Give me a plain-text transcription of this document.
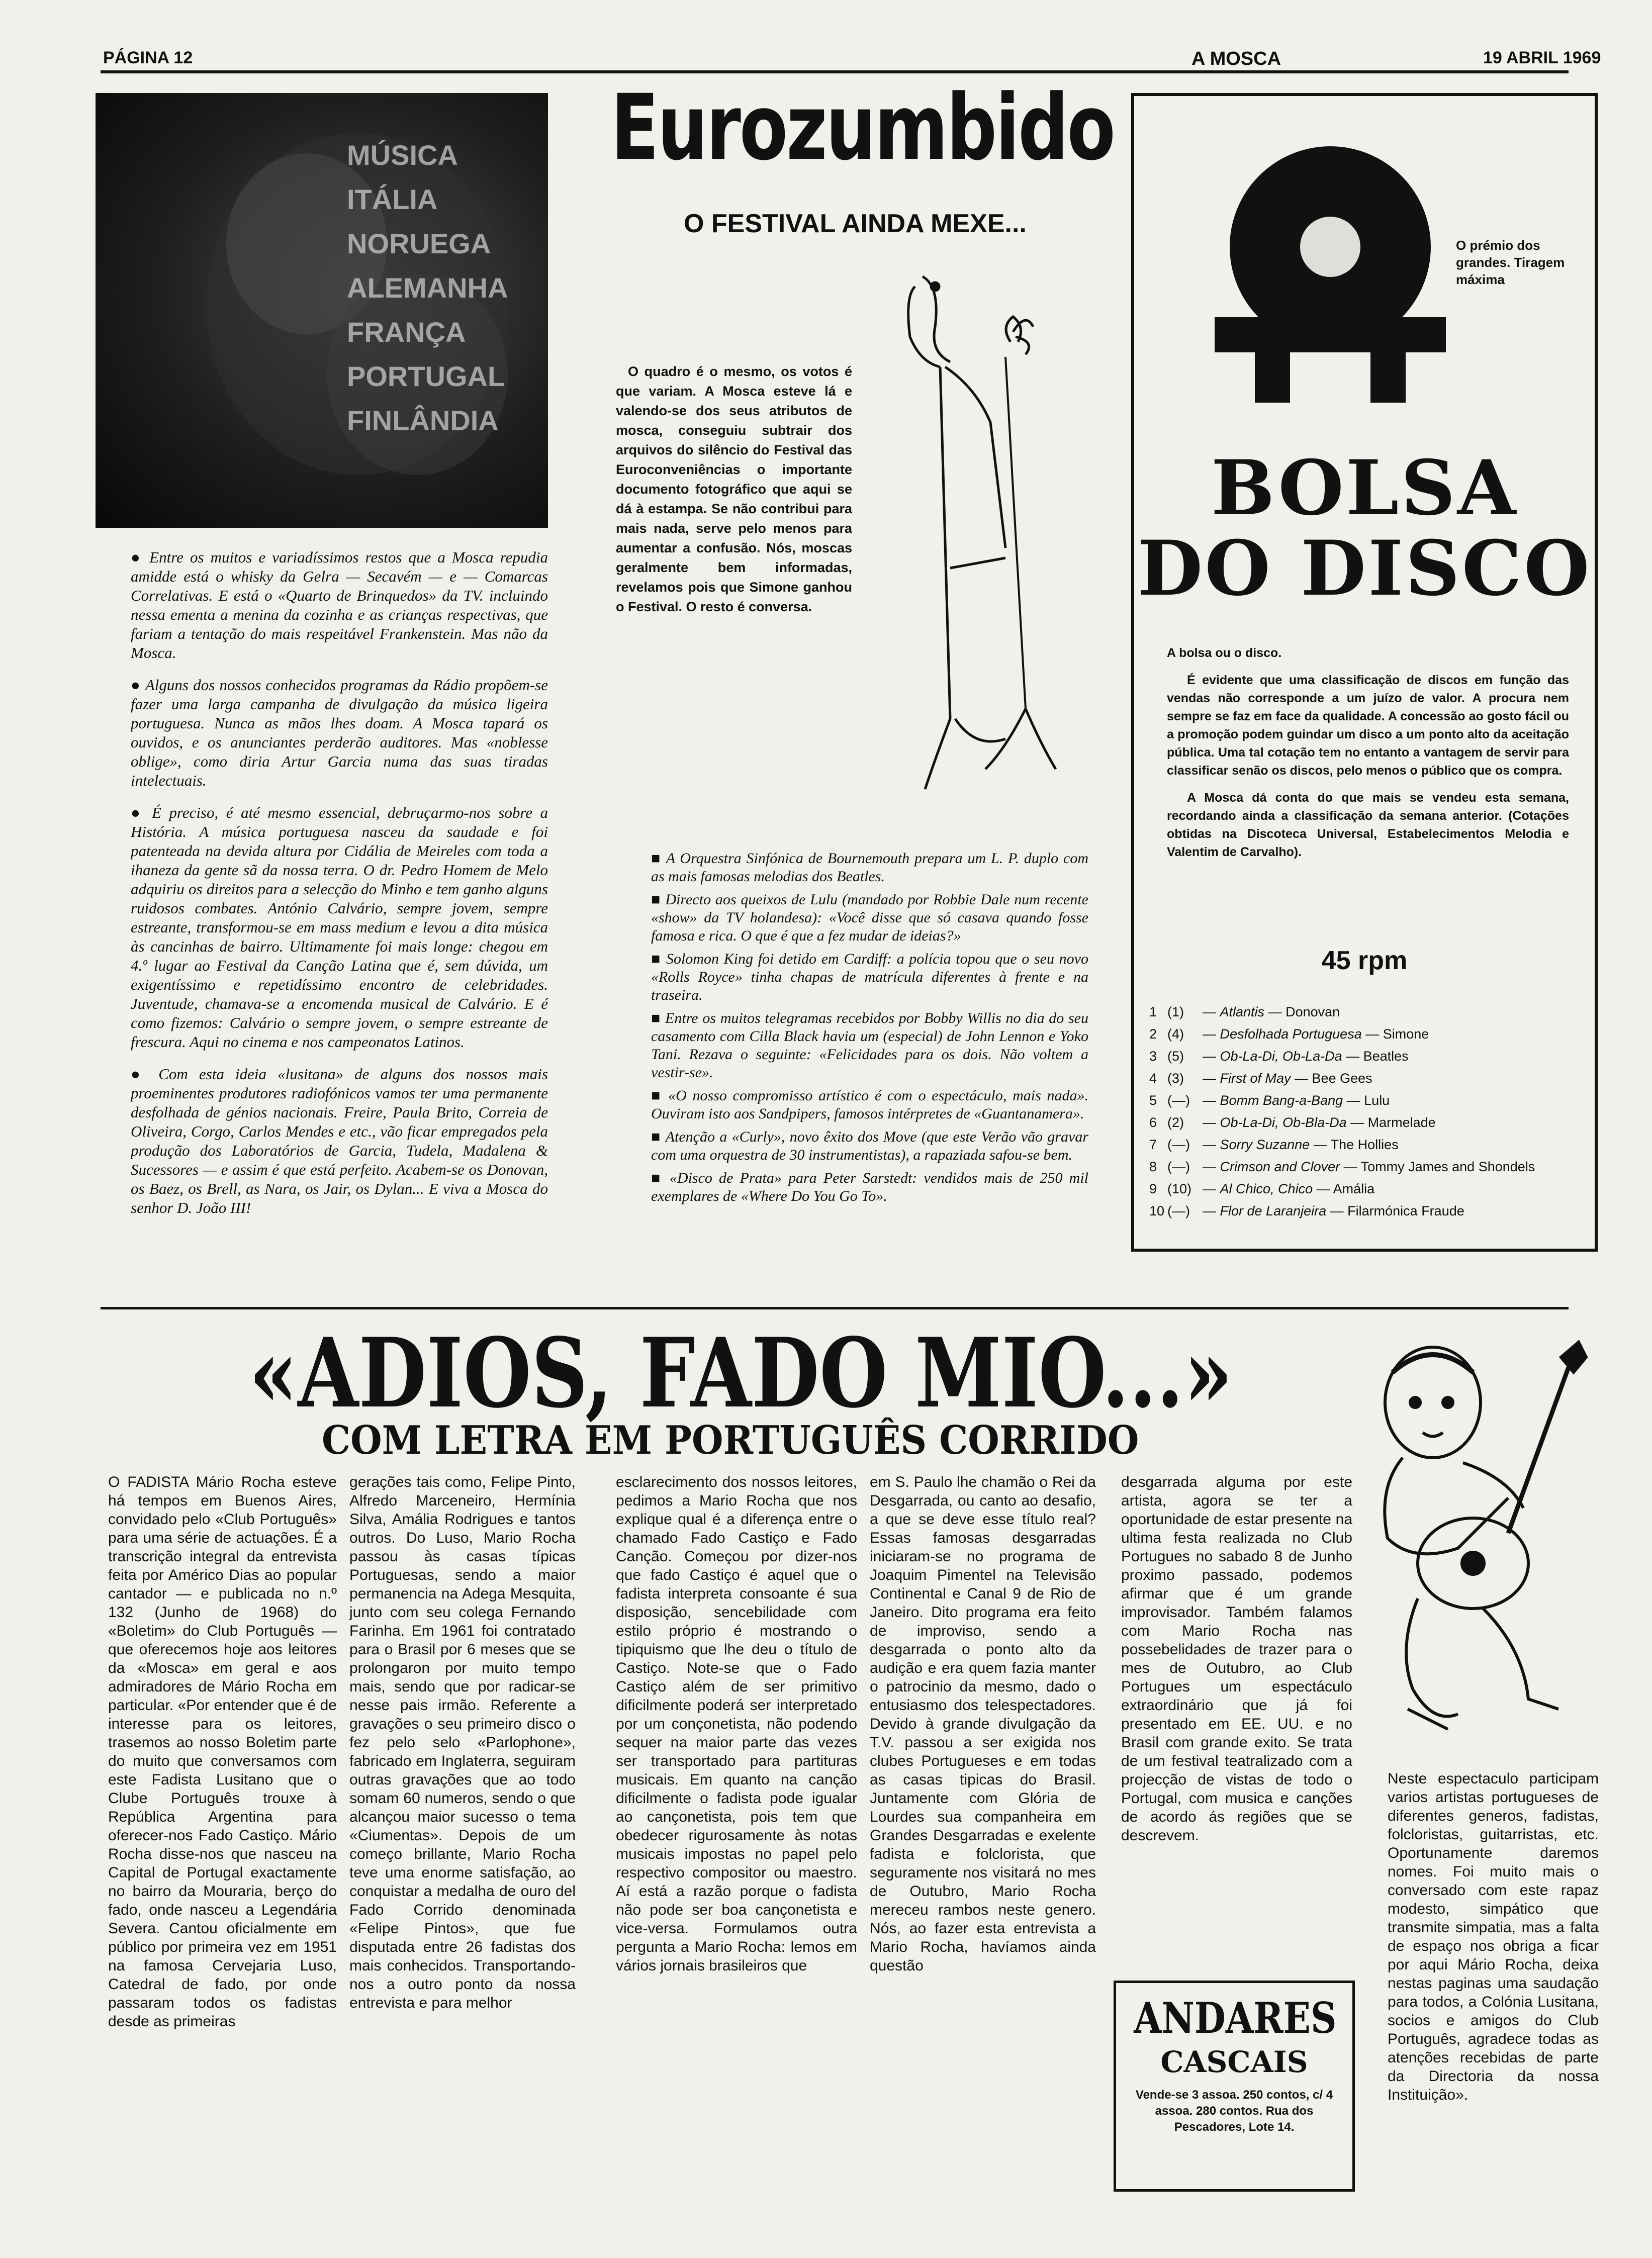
PÁGINA 12	A MOSCA	19 ABRIL 1969
MÚSICA
ITÁLIA
NORUEGA
ALEMANHA
FRANÇA
PORTUGAL
FINLÂNDIA

● Entre os muitos e variadíssimos restos que a Mosca repudia amidde está o whisky da Gelra — Secavém — e — Comarcas Correlativas. E está o «Quarto de Brinquedos» da TV. incluindo nessa ementa a menina da cozinha e as crianças respectivas, que fariam a tentação do mais respeitável Frankenstein. Mas não da Mosca.

● Alguns dos nossos conhecidos programas da Rádio propõem-se fazer uma larga campanha de divulgação da música ligeira portuguesa. Nunca as mãos lhes doam. A Mosca tapará os ouvidos, e os anunciantes perderão auditores. Mas «noblesse oblige», como diria Artur Garcia numa das suas tiradas intelectuais.

● É preciso, é até mesmo essencial, debruçarmo-nos sobre a História. A música portuguesa nasceu da saudade e foi patenteada na devida altura por Cidália de Meireles com toda a ihaneza da gente sã da nossa terra. O dr. Pedro Homem de Melo adquiriu os direitos para a selecção do Minho e tem ganho alguns ruidosos combates. António Calvário, sempre jovem, sempre estreante, transformou-se em mass medium e levou a dita música às cancinhas de bairro. Ultimamente foi mais longe: chegou em 4.º lugar ao Festival da Canção Latina que é, sem dúvida, um exigentíssimo e repetidíssimo encontro de celebridades. Juventude, chamava-se a encomenda musical de Calvário. E é como fizemos: Calvário o sempre jovem, o sempre estreante de frescura. Aqui no cinema e nos campeonatos Latinos.

● Com esta ideia «lusitana» de alguns dos nossos mais proeminentes produtores radiofónicos vamos ter uma permanente desfolhada de génios nacionais. Freire, Paula Brito, Correia de Oliveira, Corgo, Carlos Mendes e etc., vão ficar empregados pela produção dos Laboratórios de Garcia, Tudela, Madalena & Sucessores — e assim é que está perfeito. Acabem-se os Donovan, os Baez, os Brell, as Nara, os Jair, os Dylan... E viva a Mosca do senhor D. João III!

Eurozumbido
O FESTIVAL AINDA MEXE...

O quadro é o mesmo, os votos é que variam. A Mosca esteve lá e valendo-se dos seus atributos de mosca, conseguiu subtrair dos arquivos do silêncio do Festival das Euroconveniências o importante documento fotográfico que aqui se dá à estampa. Se não contribui para mais nada, serve pelo menos para aumentar a confusão. Nós, moscas geralmente bem informadas, revelamos pois que Simone ganhou o Festival. O resto é conversa.

■ A Orquestra Sinfónica de Bournemouth prepara um L. P. duplo com as mais famosas melodias dos Beatles.

■ Directo aos queixos de Lulu (mandado por Robbie Dale num recente «show» da TV holandesa): «Você disse que só casava quando fosse famosa e rica. O que é que a fez mudar de ideias?»

■ Solomon King foi detido em Cardiff: a polícia topou que o seu novo «Rolls Royce» tinha chapas de matrícula diferentes à frente e na traseira.

■ Entre os muitos telegramas recebidos por Bobby Willis no dia do seu casamento com Cilla Black havia um (especial) de John Lennon e Yoko Tani. Rezava o seguinte: «Felicidades para os dois. Não voltem a vestir-se».

■ «O nosso compromisso artístico é com o espectáculo, mais nada». Ouviram isto aos Sandpipers, famosos intérpretes de «Guantanamera».

■ Atenção a «Curly», novo êxito dos Move (que este Verão vão gravar com uma orquestra de 30 instrumentistas), a rapaziada safou-se bem.

■ «Disco de Prata» para Peter Sarstedt: vendidos mais de 250 mil exemplares de «Where Do You Go To».

O prémio dos grandes. Tiragem máxima
BOLSA
DO DISCO

A bolsa ou o disco.

É evidente que uma classificação de discos em função das vendas não corresponde a um juízo de valor. A procura nem sempre se faz em face da qualidade. A concessão ao gosto fácil ou a promoção podem guindar um disco a um ponto alto da aceitação pública. Uma tal cotação tem no entanto a vantagem de servir para classificar senão os discos, pelo menos o público que os compra.

A Mosca dá conta do que mais se vendeu esta semana, recordando ainda a classificação da semana anterior. (Cotações obtidas na Discoteca Universal, Estabelecimentos Melodia e Valentim de Carvalho).

45 rpm
1 (1)	— Atlantis — Donovan
2 (4)	— Desfolhada Portuguesa — Simone
3 (5)	— Ob-La-Di, Ob-La-Da — Beatles
4 (3)	— First of May — Bee Gees
5 (—) — Bomm Bang-a-Bang — Lulu
6 (2)	— Ob-La-Di, Ob-Bla-Da — Marmelade
7 (—) — Sorry Suzanne — The Hollies
8 (—) — Crimson and Clover — Tommy James and Shondels
9 (10) — Al Chico, Chico — Amália
10 (—) — Flor de Laranjeira — Filarmónica Fraude
«ADIOS, FADO MIO...»
COM LETRA EM PORTUGUÊS CORRIDO

O FADISTA Mário Rocha esteve há tempos em Buenos Aires, convidado pelo «Club Português» para uma série de actuações. É a transcrição integral da entrevista feita por Américo Dias ao popular cantador — e publicada no n.º 132 (Junho de 1968) do «Boletim» do Club Português — que oferecemos hoje aos leitores da «Mosca» em geral e aos admiradores de Mário Rocha em particular. «Por entender que é de interesse para os leitores, trasemos ao nosso Boletim parte do muito que conversamos com este Fadista Lusitano que o Clube Português trouxe à República Argentina para oferecer-nos Fado Castiço. Mário Rocha disse-nos que nasceu na Capital de Portugal exactamente no bairro da Mouraria, berço do fado, onde nasceu a Legendária Severa. Cantou oficialmente em público por primeira vez em 1951 na famosa Cervejaria Luso, Catedral de fado, por onde passaram todos os fadistas desde as primeiras

gerações tais como, Felipe Pinto, Alfredo Marceneiro, Hermínia Silva, Amália Rodrigues e tantos outros. Do Luso, Mario Rocha passou às casas típicas Portuguesas, sendo a maior permanencia na Adega Mesquita, junto com seu colega Fernando Farinha. Em 1961 foi contratado para o Brasil por 6 meses que se prolongaron por muito tempo mais, sendo que por radicar-se nesse pais irmão. Referente a gravações o seu primeiro disco o fez pelo selo «Parlophone», fabricado em Inglaterra, seguiram outras gravações que ao todo somam 60 numeros, sendo o que alcançou maior sucesso o tema «Ciumentas». Depois de um começo brillante, Mario Rocha teve uma enorme satisfação, ao conquistar a medalha de ouro del Fado Corrido denominada «Felipe Pintos», que fue disputada entre 26 fadistas dos mais conhecidos. Transportando-nos a outro ponto da nossa entrevista e para melhor

esclarecimento dos nossos leitores, pedimos a Mario Rocha que nos explique qual é a diferença entre o chamado Fado Castiço e Fado Canção. Começou por dizer-nos que fado Castiço é aquel que o fadista interpreta consoante é sua disposição, sencebilidade com estilo próprio é mostrando o tipiquismo que lhe deu o título de Castiço. Note-se que o Fado Castiço além de ser primitivo dificilmente poderá ser interpretado por um conçonetista, não podendo sequer na maior parte das vezes ser transportado para partituras musicais. Em quanto na canção dificilmente o fadista pode igualar ao cançonetista, pois tem que obedecer rigurosamente às notas musicais impostas no papel pelo respectivo compositor ou maestro. Aí está a razão porque o fadista não pode ser boa cançonetista e vice-versa. Formulamos outra pergunta a Mario Rocha: lemos em vários jornais brasileiros que

em S. Paulo lhe chamão o Rei da Desgarrada, ou canto ao desafio, a que se deve esse título real? Essas famosas desgarradas iniciaram-se no programa de Joaquim Pimentel na Televisão Continental e Canal 9 de Rio de Janeiro. Dito programa era feito de improviso, sendo a desgarrada o ponto alto da audição e era quem fazia manter o patrocinio da mesmo, dado o entusiasmo dos telespectadores. Devido à grande divulgação da T.V. passou a ser exigida nos clubes Portugueses e em todas as casas tipicas do Brasil. Juntamente com Glória de Lourdes sua companheira em Grandes Desgarradas e exelente fadista e folclorista, que seguramente nos visitará no mes de Outubro, Mario Rocha mereceu rambos neste genero. Nós, ao fazer esta entrevista a Mario Rocha, havíamos ainda questão

desgarrada alguma por este artista, agora se ter a oportunidade de estar presente na ultima festa realizada no Club Portugues no sabado 8 de Junho proximo passado, podemos afirmar que é um grande improvisador. Também falamos com Mario Rocha nas possebelidades de trazer para o mes de Outubro, ao Club Portugues um espectáculo extraordinário que já foi presentado em EE. UU. e no Brasil com grande exito. Se trata de um festival teatralizado com a projecção de vistas de todo o Portugal, com musica e canções de acordo ás regiões que se descrevem.

Neste espectaculo participam varios artistas portugueses de diferentes generos, fadistas, folcloristas, guitarristas, etc. Oportunamente daremos nomes. Foi muito mais o conversado com este rapaz modesto, simpático que transmite simpatia, mas a falta de espaço nos obriga a ficar por aqui Mário Rocha, deixa nestas paginas uma saudação para todos, a Colónia Lusitana, socios e amigos do Club Português, agradece todas as atenções recebidas de parte da Directoria da nossa Instituição».

ANDARES
CASCAIS
Vende-se 3 assoa. 250 contos, c/ 4 assoa. 280 contos. Rua dos Pescadores, Lote 14.
